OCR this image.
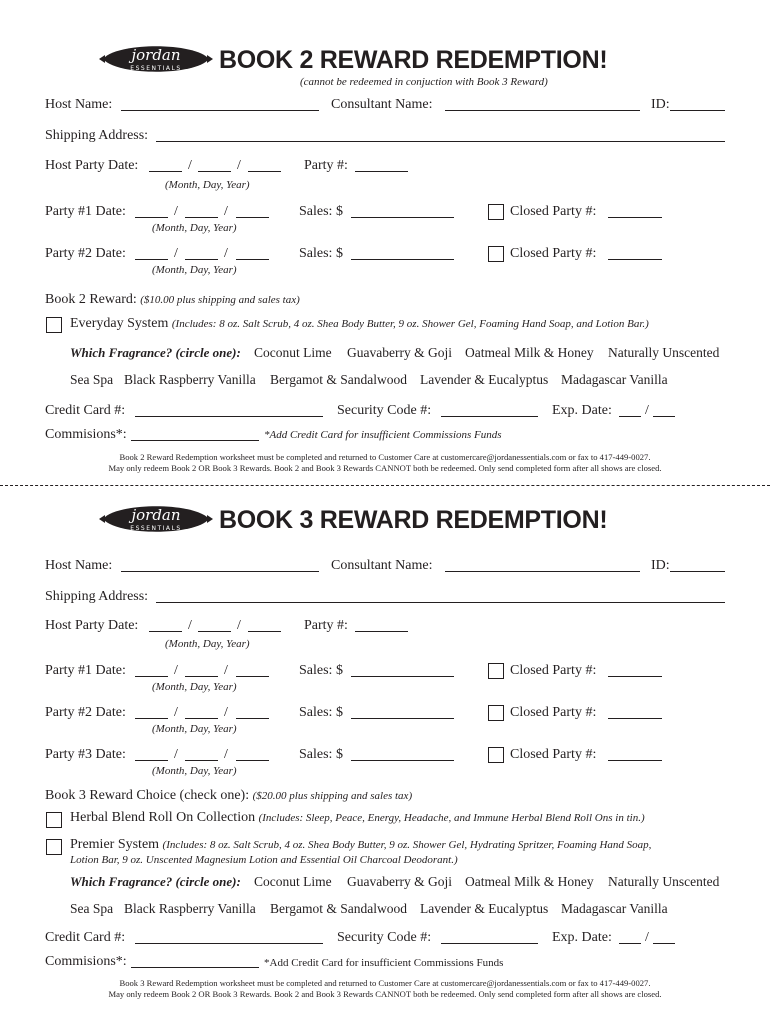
jordan
ESSENTIALS BOOK 2 REWARD REDEMPTION!
(cannot be redeemed in conjuction with Book 3 Reward)
Host Name:	Consultant Name:	ID:
Shipping Address:
Host Party Date:	/	/	Party #:
(Month, Day, Year)
Party #1 Date:	/	/	Sales: $	Closed Party #:
(Month, Day, Year)
Party #2 Date:	/	/	Sales: $	Closed Party #:
(Month, Day, Year)
Book 2 Reward: ($10.00 plus shipping and sales tax)
Everyday System (Includes: 8 oz. Salt Scrub, 4 oz. Shea Body Butter, 9 oz. Shower Gel, Foaming Hand Soap, and Lotion Bar.)
Which Fragrance? (circle one): Coconut Lime Guavaberry & Goji Oatmeal Milk & Honey Naturally Unscented
Sea Spa Black Raspberry Vanilla Bergamot & Sandalwood Lavender & Eucalyptus Madagascar Vanilla
Credit Card #:	Security Code #:	Exp. Date: /
Commisions*:	*Add Credit Card for insufficient Commissions Funds
Book 2 Reward Redemption worksheet must be completed and returned to Customer Care at customercare@jordanessentials.com or fax to 417-449-0027.
May only redeem Book 2 OR Book 3 Rewards. Book 2 and Book 3 Rewards CANNOT both be redeemed. Only send completed form after all shows are closed.
jordan
ESSENTIALS BOOK 3 REWARD REDEMPTION!
Host Name:	Consultant Name:	ID:
Shipping Address:
Host Party Date:	/	/	Party #:
(Month, Day, Year)
Party #1 Date:	/	/	Sales: $	Closed Party #:
(Month, Day, Year)
Party #2 Date:	/	/	Sales: $	Closed Party #:
(Month, Day, Year)
Party #3 Date:	/	/	Sales: $	Closed Party #:
(Month, Day, Year)
Book 3 Reward Choice (check one): ($20.00 plus shipping and sales tax)
Herbal Blend Roll On Collection (Includes: Sleep, Peace, Energy, Headache, and Immune Herbal Blend Roll Ons in tin.)
Premier System (Includes: 8 oz. Salt Scrub, 4 oz. Shea Body Butter, 9 oz. Shower Gel, Hydrating Spritzer, Foaming Hand Soap,
Lotion Bar, 9 oz. Unscented Magnesium Lotion and Essential Oil Charcoal Deodorant.)
Which Fragrance? (circle one): Coconut Lime Guavaberry & Goji Oatmeal Milk & Honey Naturally Unscented
Sea Spa Black Raspberry Vanilla Bergamot & Sandalwood Lavender & Eucalyptus Madagascar Vanilla
Credit Card #:	Security Code #:	Exp. Date: /
Commisions*:	*Add Credit Card for insufficient Commissions Funds
Book 3 Reward Redemption worksheet must be completed and returned to Customer Care at customercare@jordanessentials.com or fax to 417-449-0027.
May only redeem Book 2 OR Book 3 Rewards. Book 2 and Book 3 Rewards CANNOT both be redeemed. Only send completed form after all shows are closed.
